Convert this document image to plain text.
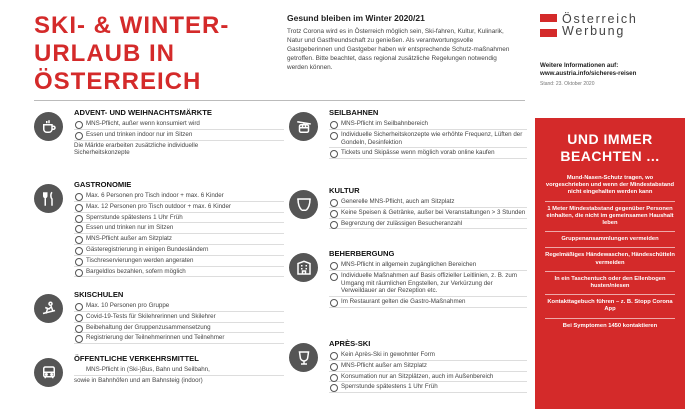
SKI- & WINTER-
URLAUB IN
ÖSTERREICH
Gesund bleiben im Winter 2020/21

Trotz Corona wird es in Österreich möglich sein, Ski-fahren, Kultur, Kulinarik, Natur und Gastfreundschaft zu genießen. Als verantwortungsvolle Gastgeberinnen und Gastgeber haben wir entsprechende Schutz-maßnahmen getroffen. Bitte beachtet, dass regional zusätzliche Regelungen notwendig werden können.

Österreich
Werbung
Weitere Informationen auf:
www.austria.info/sicheres-reisen
Stand: 23. Oktober 2020
ADVENT- UND WEIHNACHTSMÄRKTE
MNS-Pflicht, außer wenn konsumiert wird
Essen und trinken indoor nur im Sitzen
Die Märkte erarbeiten zusätzliche individuelle
Sicherheitskonzepte
GASTRONOMIE
Max. 6 Personen pro Tisch indoor + max. 6 Kinder
Max. 12 Personen pro Tisch outdoor + max. 6 Kinder
Sperrstunde spätestens 1 Uhr Früh
Essen und trinken nur im Sitzen
MNS-Pflicht außer am Sitzplatz
Gästeregistrierung in einigen Bundesländern
Tischreservierungen werden angeraten
Bargeldlos bezahlen, sofern möglich
SKISCHULEN
Max. 10 Personen pro Gruppe
Covid-19-Tests für Skilehrerinnen und Skilehrer
Beibehaltung der Gruppenzusammensetzung
Registrierung der Teilnehmerinnen und Teilnehmer
ÖFFENTLICHE VERKEHRSMITTEL
MNS-Pflicht in (Ski-)Bus, Bahn und Seilbahn,
sowie in Bahnhöfen und am Bahnsteig (indoor)
SEILBAHNEN
MNS-Pflicht im Seilbahnbereich
Individuelle Sicherheitskonzepte wie erhöhte Frequenz, Lüften der Gondeln, Desinfektion
Tickets und Skipässe wenn möglich vorab online kaufen
KULTUR
Generelle MNS-Pflicht, auch am Sitzplatz
Keine Speisen & Getränke, außer bei Veranstaltungen > 3 Stunden
Begrenzung der zulässigen Besucheranzahl
BEHERBERGUNG
MNS-Pflicht in allgemein zugänglichen Bereichen
Individuelle Maßnahmen auf Basis offizieller Leitlinien, z. B. zum Umgang mit räumlichen Engstellen, zur Verkürzung der Verweildauer an der Rezeption etc.
Im Restaurant gelten die Gastro-Maßnahmen
APRÈS-SKI
Kein Après-Ski in gewohnter Form
MNS-Pflicht außer am Sitzplatz
Konsumation nur an Sitzplätzen, auch im Außenbereich
Sperrstunde spätestens 1 Uhr Früh
UND IMMER
BEACHTEN ...
Mund-Nasen-Schutz tragen, wo vorgeschrieben und wenn der Mindestabstand nicht eingehalten werden kann
1 Meter Mindestabstand gegenüber Personen einhalten, die nicht im gemeinsamen Haushalt leben
Gruppenansammlungen vermeiden
Regelmäßiges Händewaschen, Händeschütteln vermeiden
In ein Taschentuch oder den Ellenbogen husten/niesen
Kontakttagebuch führen – z. B. Stopp Corona App
Bei Symptomen 1450 kontaktieren
